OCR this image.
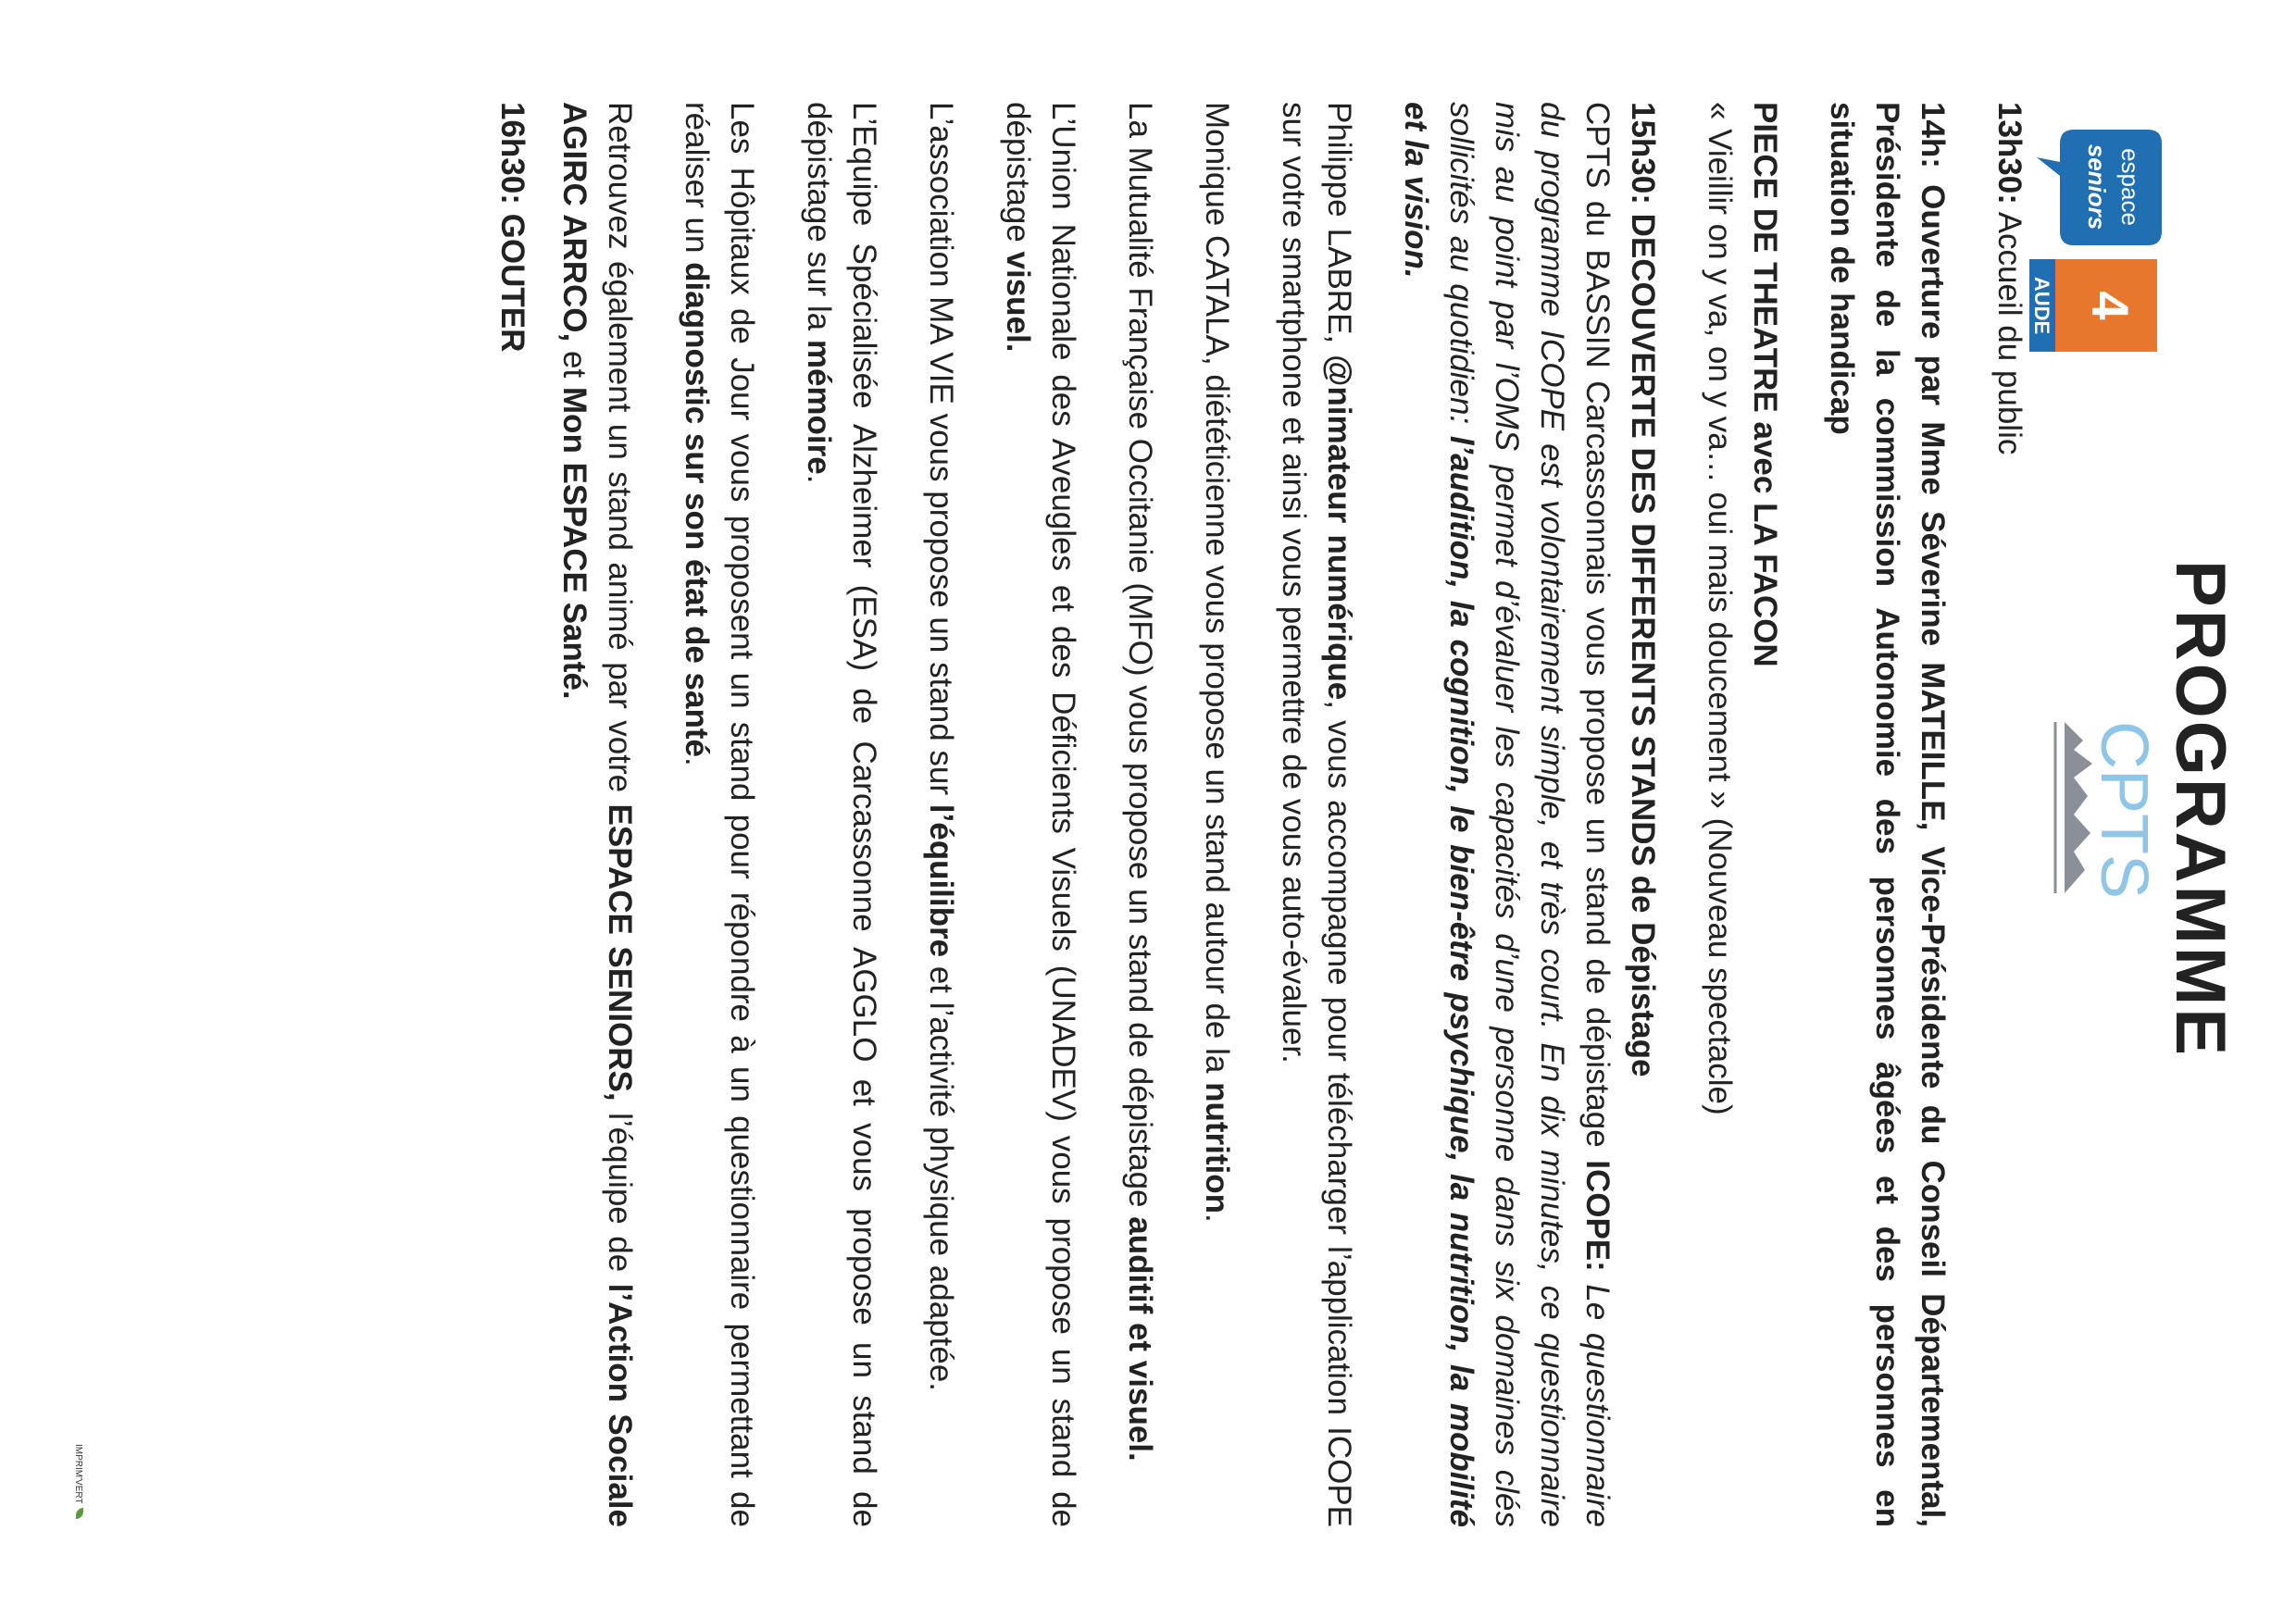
espace
seniors
4
AUDE
CPTS PROGRAMME

13h30: Accueil du public

14h: Ouverture par Mme Séverine MATEILLE, Vice-Présidente du Conseil Départemental, Présidente de la commission Autonomie des personnes âgées et des personnes en situation de handicap

PIECE DE THEATRE avec LA FACON

« Vieillir on y va, on y va… oui mais doucement » (Nouveau spectacle)

15h30: DECOUVERTE DES DIFFERENTS STANDS de Dépistage

CPTS du BASSIN Carcassonnais vous propose un stand de dépistage ICOPE: Le questionnaire du programme ICOPE est volontairement simple, et très court. En dix minutes, ce questionnaire mis au point par l’OMS permet d’évaluer les capacités d’une personne dans six domaines clés sollicités au quotidien: l’audition, la cognition, le bien-être psychique, la nutrition, la mobilité et la vision.

Philippe LABRE, @nimateur numérique, vous accompagne pour télécharger l’application ICOPE sur votre smartphone et ainsi vous permettre de vous auto-évaluer.

Monique CATALA, diététicienne vous propose un stand autour de la nutrition.

La Mutualité Française Occitanie (MFO) vous propose un stand de dépistage auditif et visuel.

L’Union Nationale des Aveugles et des Déficients Visuels (UNADEV) vous propose un stand de dépistage visuel.

L’association MA VIE vous propose un stand sur l’équilibre et l’activité physique adaptée.

L’Equipe Spécialisée Alzheimer (ESA) de Carcassonne AGGLO et vous propose un stand de dépistage sur la mémoire.

Les Hôpitaux de Jour vous proposent un stand pour répondre à un questionnaire permettant de réaliser un diagnostic sur son état de santé.

Retrouvez également un stand animé par votre ESPACE SENIORS, l’équipe de l’Action Sociale AGIRC ARRCO, et Mon ESPACE Santé.

16h30: GOUTER

IMPRIM'VERT
